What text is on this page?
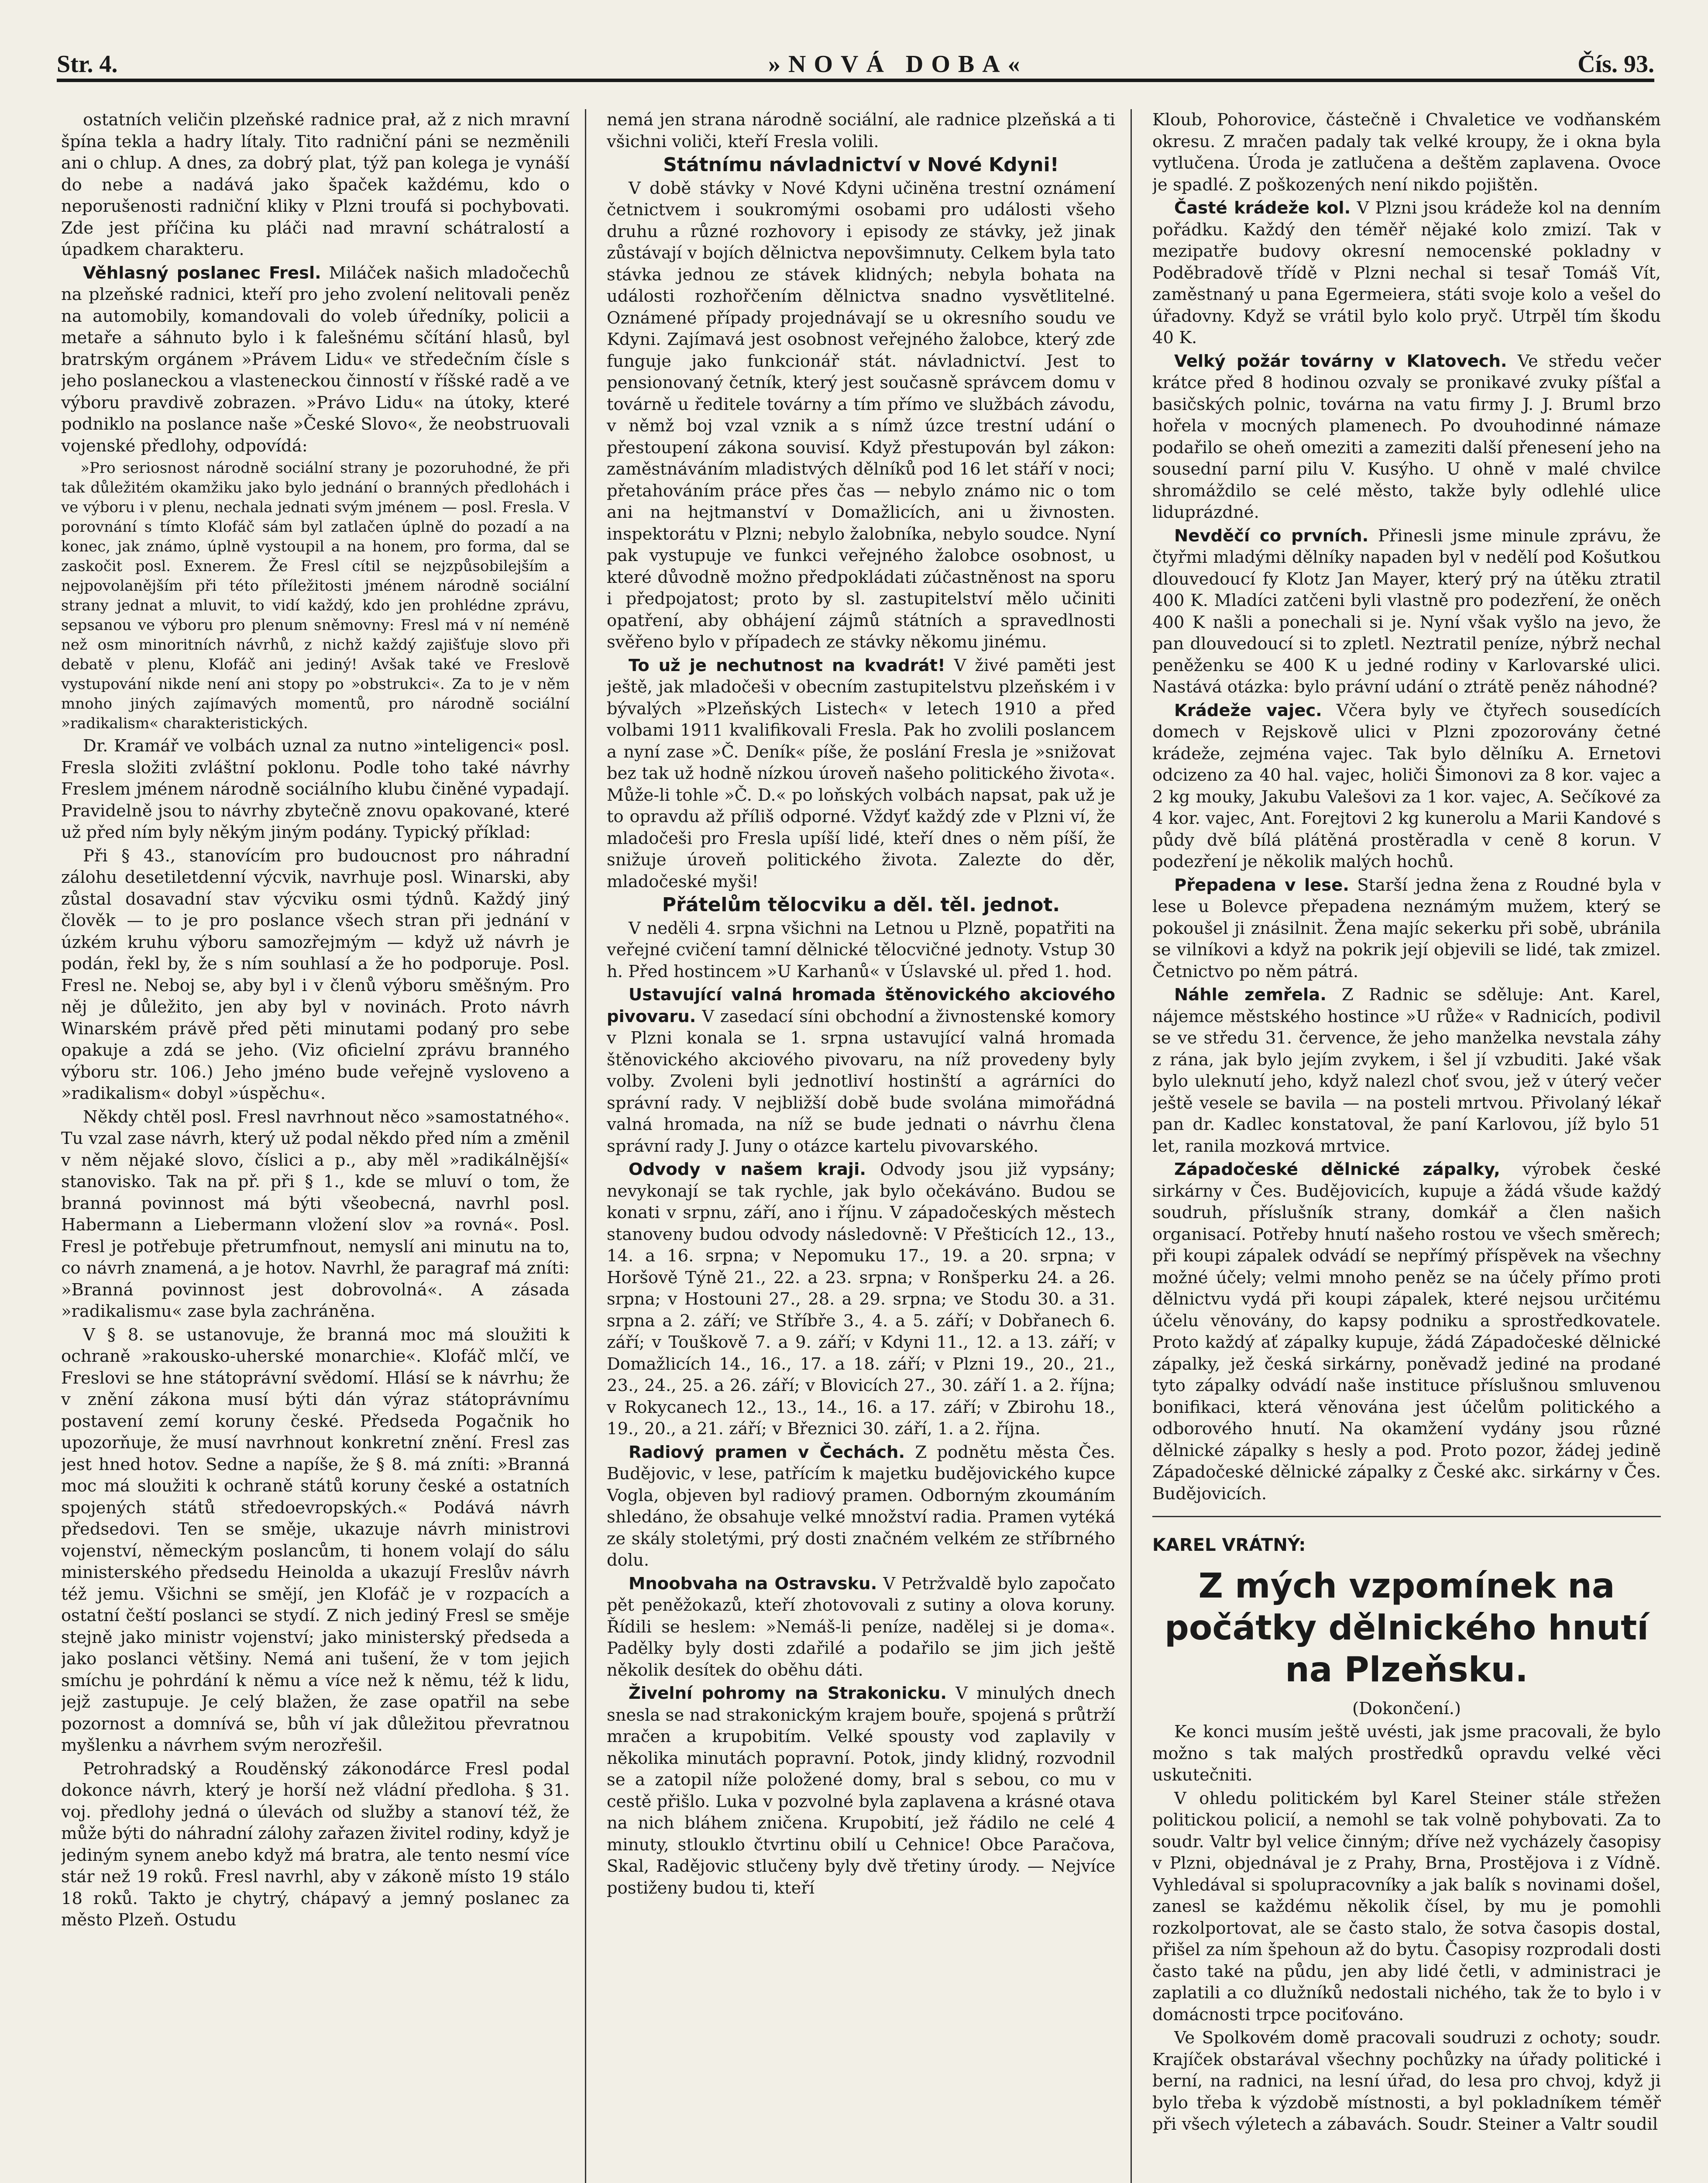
Str. 4.	»NOVÁ DOBA«	Čís. 93.

ostatních veličin plzeňské radnice prał, až z nich mravní špína tekla a hadry lítaly. Tito radniční páni se nezměnili ani o chlup. A dnes, za dobrý plat, týž pan kolega je vynáší do nebe a nadává jako špaček každému, kdo o neporušenosti radniční kliky v Plzni troufá si pochybovati. Zde jest příčina ku pláči nad mravní schátralostí a úpadkem charakteru.

Věhlasný poslanec Fresl. Miláček našich mladočechů na plzeňské radnici, kteří pro jeho zvolení nelitovali peněz na automobily, komandovali do voleb úředníky, policii a metaře a sáhnuto bylo i k falešnému sčítání hlasů, byl bratrským orgánem »Právem Lidu« ve středečním čísle s jeho poslaneckou a vlasteneckou činností v říšské radě a ve výboru pravdivě zobrazen. »Právo Lidu« na útoky, které podniklo na poslance naše »České Slovo«, že neobstruovali vojenské předlohy, odpovídá:

»Pro seriosnost národně sociální strany je pozoruhodné, že při tak důležitém okamžiku jako bylo jednání o branných předlohách i ve výboru i v plenu, nechala jednati svým jménem — posl. Fresla. V porovnání s tímto Klofáč sám byl zatlačen úplně do pozadí a na konec, jak známo, úplně vystoupil a na honem, pro forma, dal se zaskočit posl. Exnerem. Že Fresl cítil se nejzpůsobilejším a nejpovolanějším při této příležitosti jménem národně sociální strany jednat a mluvit, to vidí každý, kdo jen prohlédne zprávu, sepsanou ve výboru pro plenum sněmovny: Fresl má v ní neméně než osm minoritních návrhů, z nichž každý zajišťuje slovo při debatě v plenu, Klofáč ani jediný! Avšak také ve Freslově vystupování nikde není ani stopy po »obstrukci«. Za to je v něm mnoho jiných zajímavých momentů, pro národně sociální »radikalism« charakteristických.

Dr. Kramář ve volbách uznal za nutno »inteligenci« posl. Fresla složiti zvláštní poklonu. Podle toho také návrhy Freslem jménem národně sociálního klubu činěné vypadají. Pravidelně jsou to návrhy zbytečně znovu opakované, které už před ním byly někým jiným podány. Typický příklad:

Při § 43., stanovícím pro budoucnost pro náhradní zálohu desetiletdenní výcvik, navrhuje posl. Winarski, aby zůstal dosavadní stav výcviku osmi týdnů. Každý jiný člověk — to je pro poslance všech stran při jednání v úzkém kruhu výboru samozřejmým — když už návrh je podán, řekl by, že s ním souhlasí a že ho podporuje. Posl. Fresl ne. Neboj se, aby byl i v členů výboru směšným. Pro něj je důležito, jen aby byl v novinách. Proto návrh Winarském právě před pěti minutami podaný pro sebe opakuje a zdá se jeho. (Viz oficielní zprávu branného výboru str. 106.) Jeho jméno bude veřejně vysloveno a »radikalism« dobyl »úspěchu«.

Někdy chtěl posl. Fresl navrhnout něco »samostatného«. Tu vzal zase návrh, který už podal někdo před ním a změnil v něm nějaké slovo, číslici a p., aby měl »radikálnější« stanovisko. Tak na př. při § 1., kde se mluví o tom, že branná povinnost má býti všeobecná, navrhl posl. Habermann a Liebermann vložení slov »a rovná«. Posl. Fresl je potřebuje přetrumfnout, nemyslí ani minutu na to, co návrh znamená, a je hotov. Navrhl, že paragraf má zníti: »Branná povinnost jest dobrovolná«. A zásada »radikalismu« zase byla zachráněna.

V § 8. se ustanovuje, že branná moc má sloužiti k ochraně »rakousko-uherské monarchie«. Klofáč mlčí, ve Freslovi se hne státoprávní svědomí. Hlásí se k návrhu; že v znění zákona musí býti dán výraz státoprávnímu postavení zemí koruny české. Předseda Pogačnik ho upozorňuje, že musí navrhnout konkretní znění. Fresl zas jest hned hotov. Sedne a napíše, že § 8. má zníti: »Branná moc má sloužiti k ochraně států koruny české a ostatních spojených států středoevropských.« Podává návrh předsedovi. Ten se směje, ukazuje návrh ministrovi vojenství, německým poslancům, ti honem volají do sálu ministerského předsedu Heinolda a ukazují Freslův návrh též jemu. Všichni se smějí, jen Klofáč je v rozpacích a ostatní čeští poslanci se stydí. Z nich jediný Fresl se směje stejně jako ministr vojenství; jako ministerský předseda a jako poslanci většiny. Nemá ani tušení, že v tom jejich smíchu je pohrdání k němu a více než k němu, též k lidu, jejž zastupuje. Je celý blažen, že zase opatřil na sebe pozornost a domnívá se, bůh ví jak důležitou převratnou myšlenku a návrhem svým nerozřešil.

Petrohradský a Rouděnský zákonodárce Fresl podal dokonce návrh, který je horší než vládní předloha. § 31. voj. předlohy jedná o úlevách od služby a stanoví též, že může býti do náhradní zálohy zařazen živitel rodiny, když je jediným synem anebo když má bratra, ale tento nesmí více stár než 19 roků. Fresl navrhl, aby v zákoně místo 19 stálo 18 roků. Takto je chytrý, chápavý a jemný poslanec za město Plzeň. Ostudu

nemá jen strana národně sociální, ale radnice plzeňská a ti všichni voliči, kteří Fresla volili.

Státnímu návladnictví v Nové Kdyni!

V době stávky v Nové Kdyni učiněna trestní oznámení četnictvem i soukromými osobami pro události všeho druhu a různé rozhovory i episody ze stávky, jež jinak zůstávají v bojích dělnictva nepovšimnuty. Celkem byla tato stávka jednou ze stávek klidných; nebyla bohata na události rozhořčením dělnictva snadno vysvětlitelné. Oznámené případy projednávají se u okresního soudu ve Kdyni. Zajímavá jest osobnost veřejného žalobce, který zde funguje jako funkcionář stát. návladnictví. Jest to pensionovaný četník, který jest současně správcem domu v továrně u ředitele továrny a tím přímo ve službách závodu, v němž boj vzal vznik a s nímž úzce trestní udání o přestoupení zákona souvisí. Když přestupován byl zákon: zaměstnáváním mladistvých dělníků pod 16 let stáří v noci; přetahováním práce přes čas — nebylo známo nic o tom ani na hejtmanství v Domažlicích, ani u živnosten. inspektorátu v Plzni; nebylo žalobníka, nebylo soudce. Nyní pak vystupuje ve funkci veřejného žalobce osobnost, u které důvodně možno předpokládati zúčastněnost na sporu i předpojatost; proto by sl. zastupitelství mělo učiniti opatření, aby obhájení zájmů státních a spravedlnosti svěřeno bylo v případech ze stávky někomu jinému.

To už je nechutnost na kvadrát! V živé paměti jest ještě, jak mladočeši v obecním zastupitelstvu plzeňském i v bývalých »Plzeňských Listech« v letech 1910 a před volbami 1911 kvalifikovali Fresla. Pak ho zvolili poslancem a nyní zase »Č. Deník« píše, že poslání Fresla je »snižovat bez tak už hodně nízkou úroveň našeho politického života«. Může-li tohle »Č. D.« po loňských volbách napsat, pak už je to opravdu až příliš odporné. Vždyť každý zde v Plzni ví, že mladočeši pro Fresla upíší lidé, kteří dnes o něm píší, že snižuje úroveň politického života. Zalezte do děr, mladočeské myši!

Přátelům tělocviku a děl. těl. jednot.

V neděli 4. srpna všichni na Letnou u Plzně, popatřiti na veřejné cvičení tamní dělnické tělocvičné jednoty. Vstup 30 h. Před hostincem »U Karhanů« v Úslavské ul. před 1. hod.

Ustavující valná hromada štěnovického akciového pivovaru. V zasedací síni obchodní a živnostenské komory v Plzni konala se 1. srpna ustavující valná hromada štěnovického akciového pivovaru, na níž provedeny byly volby. Zvoleni byli jednotliví hostinští a agrárníci do správní rady. V nejbližší době bude svolána mimořádná valná hromada, na níž se bude jednati o návrhu člena správní rady J. Juny o otázce kartelu pivovarského.

Odvody v našem kraji. Odvody jsou již vypsány; nevykonají se tak rychle, jak bylo očekáváno. Budou se konati v srpnu, září, ano i říjnu. V západočeských městech stanoveny budou odvody následovně: V Přešticích 12., 13., 14. a 16. srpna; v Nepomuku 17., 19. a 20. srpna; v Horšově Týně 21., 22. a 23. srpna; v Ronšperku 24. a 26. srpna; v Hostouni 27., 28. a 29. srpna; ve Stodu 30. a 31. srpna a 2. září; ve Stříbře 3., 4. a 5. září; v Dobřanech 6. září; v Touškově 7. a 9. září; v Kdyni 11., 12. a 13. září; v Domažlicích 14., 16., 17. a 18. září; v Plzni 19., 20., 21., 23., 24., 25. a 26. září; v Blovicích 27., 30. září 1. a 2. října; v Rokycanech 12., 13., 14., 16. a 17. září; v Zbirohu 18., 19., 20., a 21. září; v Březnici 30. září, 1. a 2. října.

Radiový pramen v Čechách. Z podnětu města Čes. Budějovic, v lese, patřícím k majetku budějovického kupce Vogla, objeven byl radiový pramen. Odborným zkoumáním shledáno, že obsahuje velké množství radia. Pramen vytéká ze skály stoletými, prý dosti značném velkém ze stříbrného dolu.

Mnoobvaha na Ostravsku. V Petržvaldě bylo započato pět peněžokazů, kteří zhotovovali z sutiny a olova koruny. Řídili se heslem: »Nemáš-li peníze, nadělej si je doma«. Padělky byly dosti zdařilé a podařilo se jim jich ještě několik desítek do oběhu dáti.

Živelní pohromy na Strakonicku. V minulých dnech snesla se nad strakonickým krajem bouře, spojená s průtrží mračen a krupobitím. Velké spousty vod zaplavily v několika minutách popravní. Potok, jindy klidný, rozvodnil se a zatopil níže položené domy, bral s sebou, co mu v cestě přišlo. Luka v pozvolné byla zaplavena a krásné otava na nich bláhem zničena. Krupobití, jež řádilo ne celé 4 minuty, stlouklo čtvrtinu obilí u Cehnice! Obce Paračova, Skal, Radějovic stlučeny byly dvě třetiny úrody. — Nejvíce postiženy budou ti, kteří

Kloub, Pohorovice, částečně i Chvaletice ve vodňanském okresu. Z mračen padaly tak velké kroupy, že i okna byla vytlučena. Úroda je zatlučena a deštěm zaplavena. Ovoce je spadlé. Z poškozených není nikdo pojištěn.

Časté krádeže kol. V Plzni jsou krádeže kol na denním pořádku. Každý den téměř nějaké kolo zmizí. Tak v mezipatře budovy okresní nemocenské pokladny v Poděbradově třídě v Plzni nechal si tesař Tomáš Vít, zaměstnaný u pana Egermeiera, státi svoje kolo a vešel do úřadovny. Když se vrátil bylo kolo pryč. Utrpěl tím škodu 40 K.

Velký požár továrny v Klatovech. Ve středu večer krátce před 8 hodinou ozvaly se pronikavé zvuky píšťal a basičských polnic, továrna na vatu firmy J. J. Bruml brzo hořela v mocných plamenech. Po dvouhodinné námaze podařilo se oheň omeziti a zameziti další přenesení jeho na sousední parní pilu V. Kusýho. U ohně v malé chvilce shromáždilo se celé město, takže byly odlehlé ulice liduprázdné.

Nevděčí co prvních. Přinesli jsme minule zprávu, že čtyřmi mladými dělníky napaden byl v nedělí pod Košutkou dlouvedoucí fy Klotz Jan Mayer, který prý na útěku ztratil 400 K. Mladíci zatčeni byli vlastně pro podezření, že oněch 400 K našli a ponechali si je. Nyní však vyšlo na jevo, že pan dlouvedoucí si to zpletl. Neztratil peníze, nýbrž nechal peněženku se 400 K u jedné rodiny v Karlovarské ulici. Nastává otázka: bylo právní udání o ztrátě peněz náhodné?

Krádeže vajec. Včera byly ve čtyřech sousedících domech v Rejskově ulici v Plzni zpozorovány četné krádeže, zejména vajec. Tak bylo dělníku A. Ernetovi odcizeno za 40 hal. vajec, holiči Šimonovi za 8 kor. vajec a 2 kg mouky, Jakubu Valešovi za 1 kor. vajec, A. Sečíkové za 4 kor. vajec, Ant. Forejtovi 2 kg kunerolu a Marii Kandové s půdy dvě bílá plátěná prostěradla v ceně 8 korun. V podezření je několik malých hochů.

Přepadena v lese. Starší jedna žena z Roudné byla v lese u Bolevce přepadena neznámým mužem, který se pokoušel ji znásilnit. Žena majíc sekerku při sobě, ubránila se vilníkovi a když na pokrik její objevili se lidé, tak zmizel. Četnictvo po něm pátrá.

Náhle zemřela. Z Radnic se sděluje: Ant. Karel, nájemce městského hostince »U růže« v Radnicích, podivil se ve středu 31. července, že jeho manželka nevstala záhy z rána, jak bylo jejím zvykem, i šel jí vzbuditi. Jaké však bylo uleknutí jeho, když nalezl choť svou, jež v úterý večer ještě vesele se bavila — na posteli mrtvou. Přivolaný lékař pan dr. Kadlec konstatoval, že paní Karlovou, jíž bylo 51 let, ranila mozková mrtvice.

Západočeské dělnické zápalky, výrobek české sirkárny v Čes. Budějovicích, kupuje a žádá všude každý soudruh, příslušník strany, domkář a člen našich organisací. Potřeby hnutí našeho rostou ve všech směrech; při koupi zápalek odvádí se nepřímý příspěvek na všechny možné účely; velmi mnoho peněz se na účely přímo proti dělnictvu vydá při koupi zápalek, které nejsou určitému účelu věnovány, do kapsy podniku a sprostředkovatele. Proto každý ať zápalky kupuje, žádá Západočeské dělnické zápalky, jež česká sirkárny, poněvadž jediné na prodané tyto zápalky odvádí naše instituce příslušnou smluvenou bonifikaci, která věnována jest účelům politického a odborového hnutí. Na okamžení vydány jsou různé dělnické zápalky s hesly a pod. Proto pozor, žádej jedině Západočeské dělnické zápalky z České akc. sirkárny v Čes. Budějovicích.

KAREL VRÁTNÝ:
Z mých vzpomínek na počátky dělnického hnutí na Plzeňsku.

(Dokončení.)

Ke konci musím ještě uvésti, jak jsme pracovali, že bylo možno s tak malých prostředků opravdu velké věci uskutečniti.

V ohledu politickém byl Karel Steiner stále střežen politickou policií, a nemohl se tak volně pohybovati. Za to soudr. Valtr byl velice činným; dříve než vycházely časopisy v Plzni, objednával je z Prahy, Brna, Prostějova i z Vídně. Vyhledával si spolupracovníky a jak balík s novinami došel, zanesl se každému několik čísel, by mu je pomohli rozkolportovat, ale se často stalo, že sotva časopis dostal, přišel za ním špehoun až do bytu. Časopisy rozprodali dosti často také na půdu, jen aby lidé četli, v administraci je zaplatili a co dlužníků nedostali nichého, tak že to bylo i v domácnosti trpce pociťováno.

Ve Spolkovém domě pracovali soudruzi z ochoty; soudr. Krajíček obstarával všechny pochůzky na úřady politické i berní, na radnici, na lesní úřad, do lesa pro chvoj, když ji bylo třeba k výzdobě místnosti, a byl pokladníkem téměř při všech výletech a zábavách. Soudr. Steiner a Valtr soudil
